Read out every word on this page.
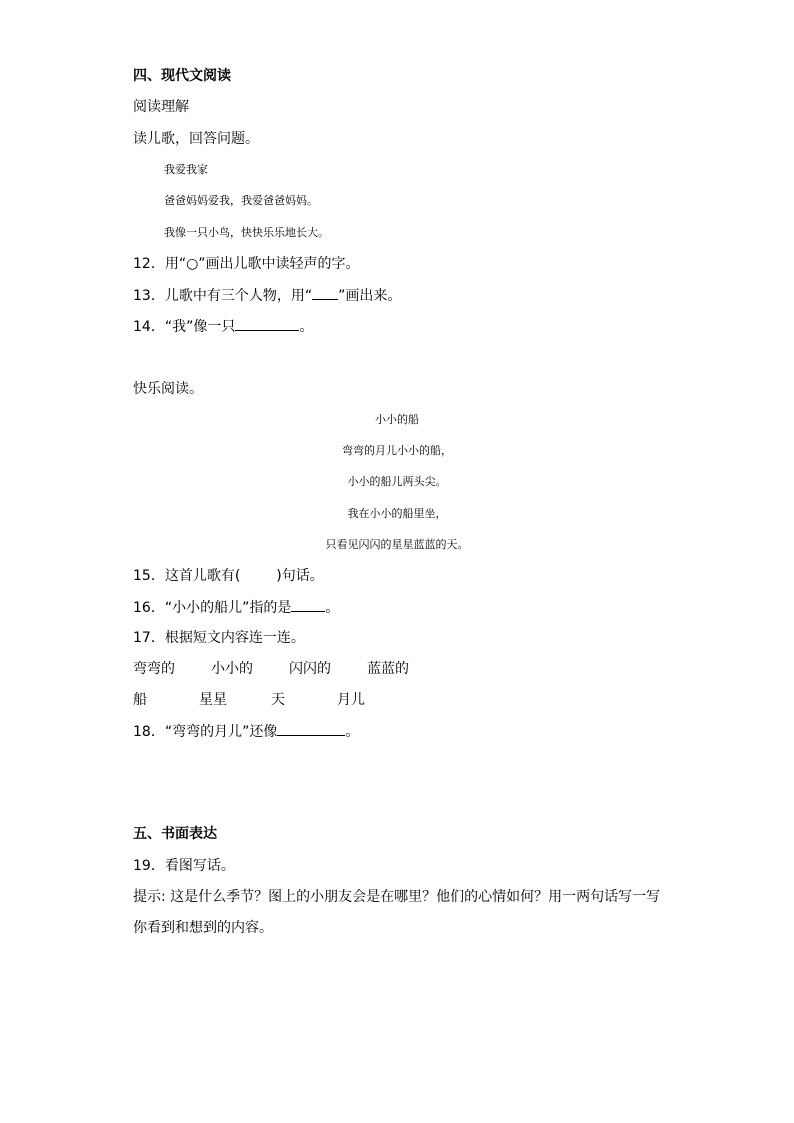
四、现代文阅读
阅读理解
读儿歌，回答问题。
我爱我家
爸爸妈妈爱我，我爱爸爸妈妈。
我像一只小鸟，快快乐乐地长大。
12．用“○”画出儿歌中读轻声的字。
13．儿歌中有三个人物，用“ ”画出来。
14．“我”像一只	。
快乐阅读。
小小的船
弯弯的月儿小小的船，
小小的船儿两头尖。
我在小小的船里坐，
只看见闪闪的星星蓝蓝的天。
15．这首儿歌有(	)句话。
16．“小小的船儿”指的是 。
17．根据短文内容连一连。
弯弯的	小小的	闪闪的	蓝蓝的
船	星星	天	月儿
18．“弯弯的月儿”还像	。
五、书面表达
19．看图写话。
提示: 这是什么季节？图上的小朋友会是在哪里？他们的心情如何？用一两句话写一写
你看到和想到的内容。
